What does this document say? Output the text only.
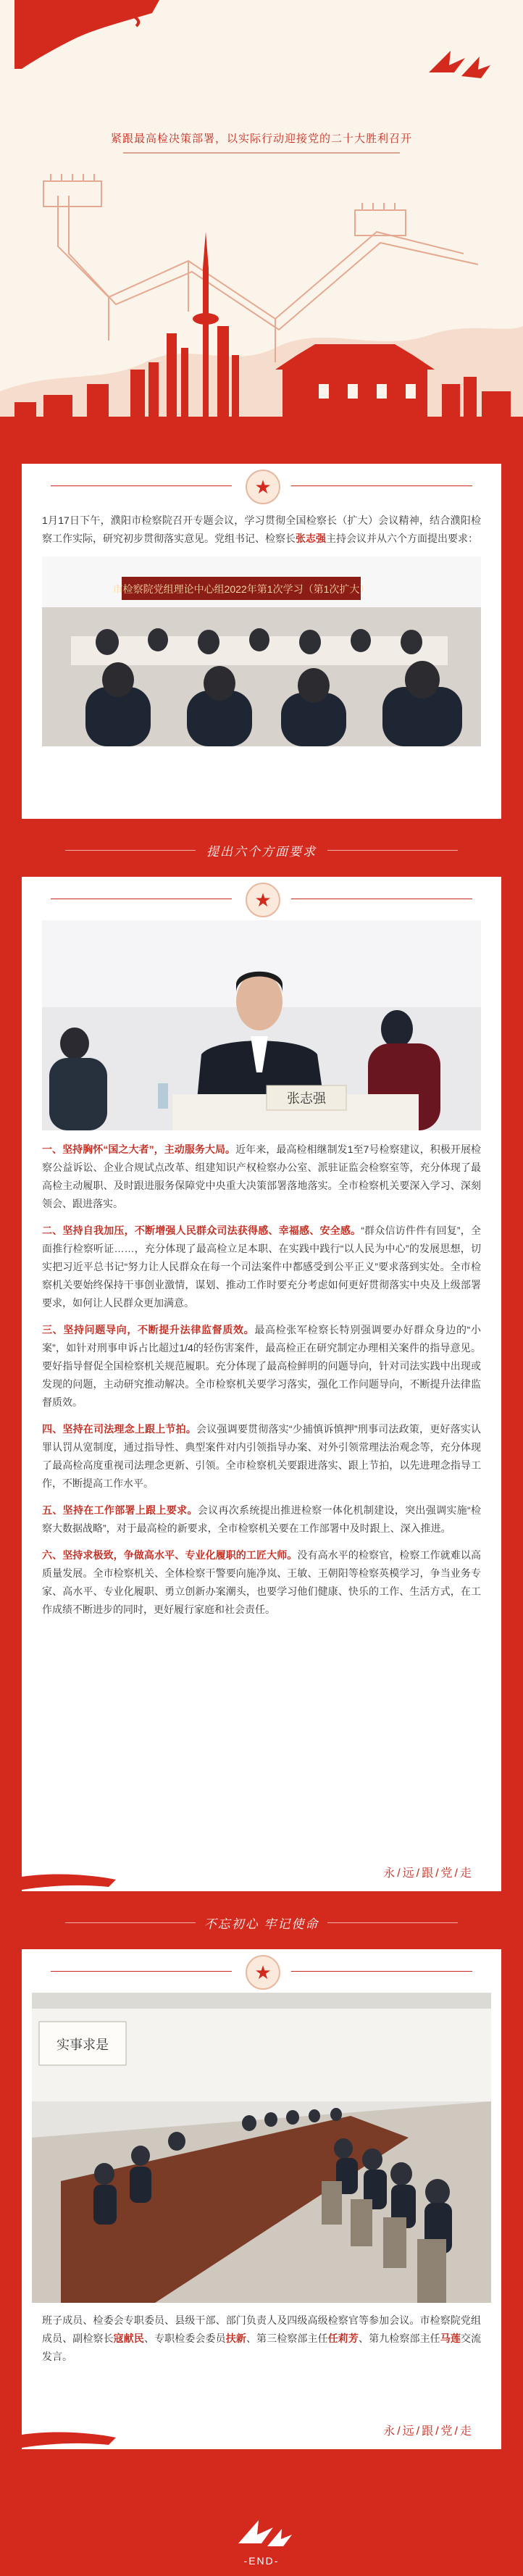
紧跟最高检决策部署，以实际行动迎接党的二十大胜利召开
★

1月17日下午，濮阳市检察院召开专题会议，学习贯彻全国检察长（扩大）会议精神，结合濮阳检察工作实际，研究初步贯彻落实意见。党组书记、检察长张志强主持会议并从六个方面提出要求：

市检察院党组理论中心组2022年第1次学习（第1次扩大）
提出六个方面要求
★
张志强

一、坚持胸怀“国之大者”，主动服务大局。近年来，最高检相继制发1至7号检察建议，积极开展检察公益诉讼、企业合规试点改革、组建知识产权检察办公室、派驻证监会检察室等，充分体现了最高检主动履职、及时跟进服务保障党中央重大决策部署落地落实。全市检察机关要深入学习、深刻领会、跟进落实。

二、坚持自我加压，不断增强人民群众司法获得感、幸福感、安全感。“群众信访件件有回复”，全面推行检察听证……，充分体现了最高检立足本职、在实践中践行“以人民为中心”的发展思想，切实把习近平总书记“努力让人民群众在每一个司法案件中都感受到公平正义”要求落到实处。全市检察机关要始终保持干事创业激情，谋划、推动工作时要充分考虑如何更好贯彻落实中央及上级部署要求，如何让人民群众更加满意。

三、坚持问题导向，不断提升法律监督质效。最高检张军检察长特别强调要办好群众身边的“小案”，如针对刑事申诉占比超过1/4的轻伤害案件，最高检正在研究制定办理相关案件的指导意见。要好指导督促全国检察机关规范履职。充分体现了最高检鲜明的问题导向，针对司法实践中出现或发现的问题，主动研究推动解决。全市检察机关要学习落实，强化工作问题导向，不断提升法律监督质效。

四、坚持在司法理念上跟上节拍。会议强调要贯彻落实“少捕慎诉慎押”刑事司法政策，更好落实认罪认罚从宽制度，通过指导性、典型案件对内引领指导办案、对外引领常理法治观念等，充分体现了最高检高度重视司法理念更新、引领。全市检察机关要跟进落实、跟上节拍，以先进理念指导工作，不断提高工作水平。

五、坚持在工作部署上跟上要求。会议再次系统提出推进检察一体化机制建设，突出强调实施“检察大数据战略”，对于最高检的新要求，全市检察机关要在工作部署中及时跟上、深入推进。

六、坚持求极致，争做高水平、专业化履职的工匠大师。没有高水平的检察官，检察工作就难以高质量发展。全市检察机关、全体检察干警要向施净岚、王敏、王朝阳等检察英模学习，争当业务专家、高水平、专业化履职、勇立创新办案潮头，也要学习他们健康、快乐的工作、生活方式，在工作成绩不断进步的同时，更好履行家庭和社会责任。

永/远/跟/党/走
不忘初心 牢记使命
★
实事求是

班子成员、检委会专职委员、县级干部、部门负责人及四级高级检察官等参加会议。市检察院党组成员、副检察长寇献民、专职检委会委员扶新、第三检察部主任任莉芳、第九检察部主任马莲交流发言。

永/远/跟/党/走
-END-
